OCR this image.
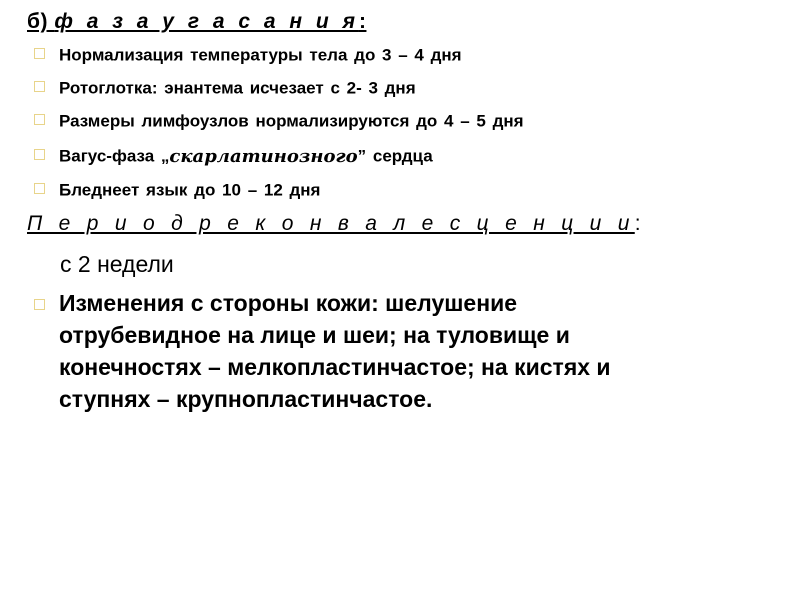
б) ф а з а у г а с а н и я:
Нормализация температуры тела до 3 – 4 дня
Ротоглотка: энантема исчезает с 2- 3 дня
Размеры лимфоузлов нормализируются до 4 – 5 дня
Вагус-фаза „скарлатинозного” сердца
Бледнеет язык до 10 – 12 дня
П е р и о д р е к о н в а л е с ц е н ц и и:
с 2 недели
Изменения с стороны кожи: шелушение
отрубевидное на лице и шеи; на туловище и
конечностях – мелкопластинчастое; на кистях и
ступнях – крупнопластинчастое.
